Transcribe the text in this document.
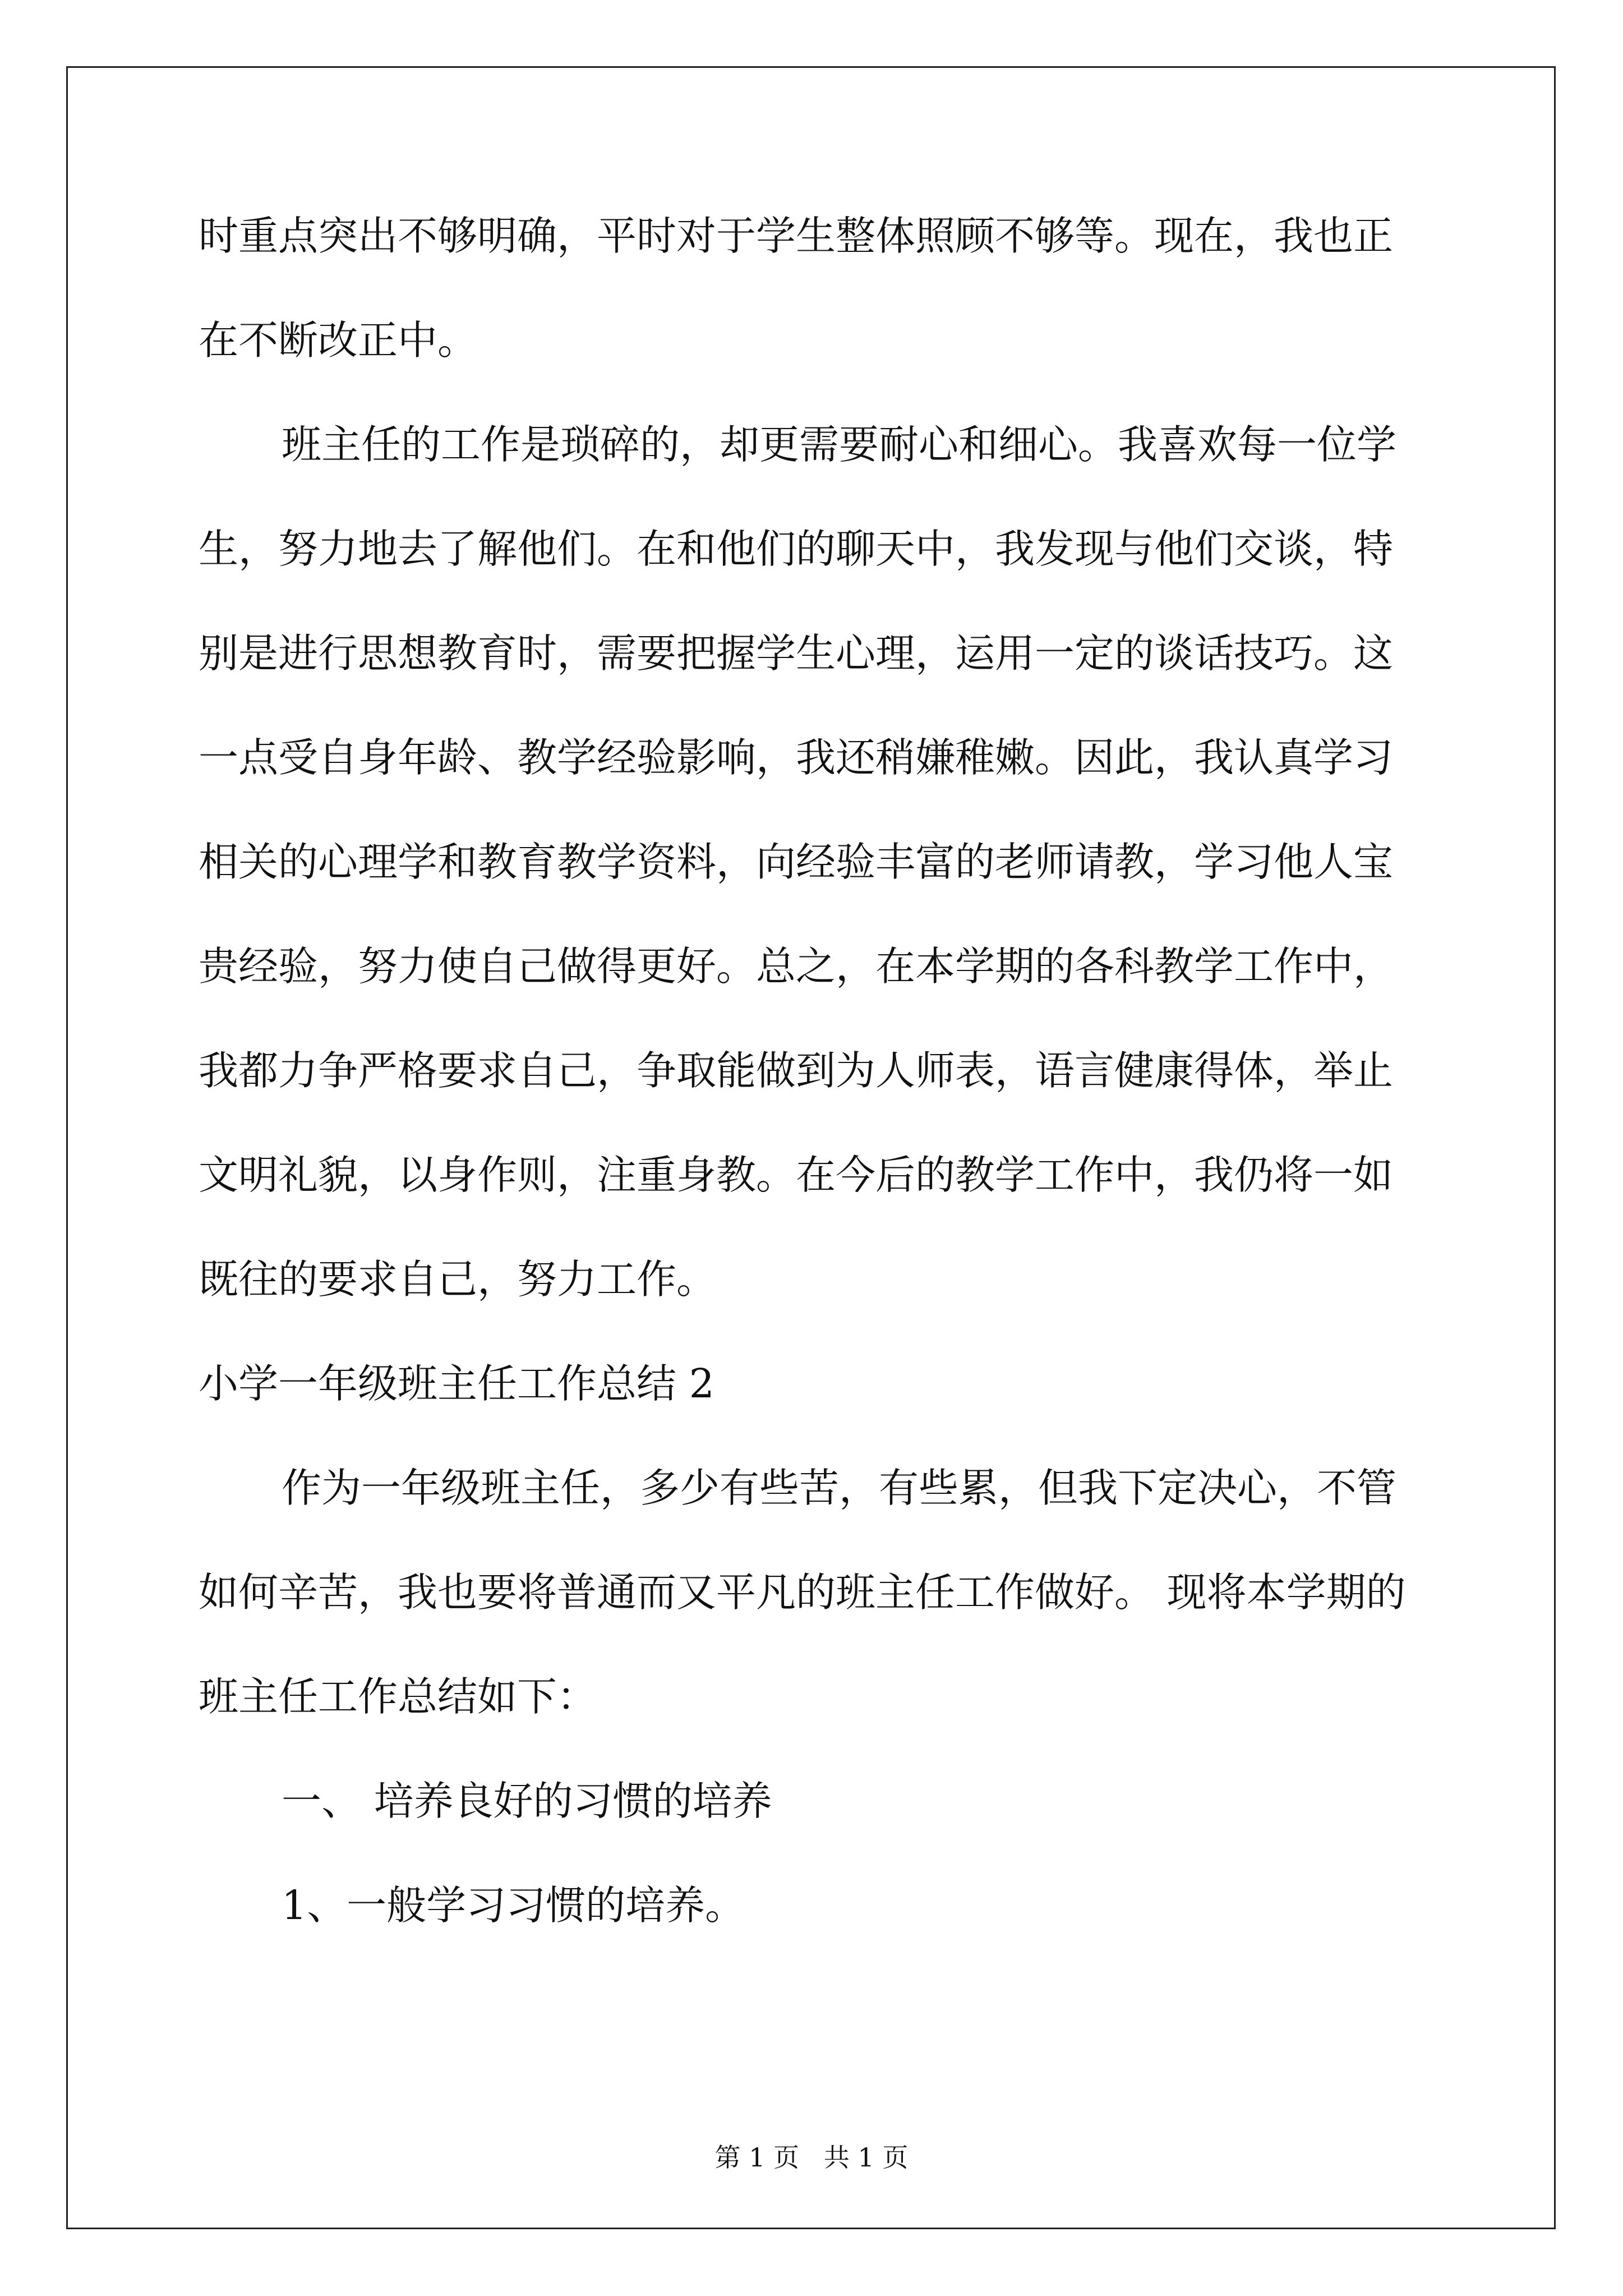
时重点突出不够明确，平时对于学生整体照顾不够等。现在，我也正
在不断改正中。
班主任的工作是琐碎的，却更需要耐心和细心。我喜欢每一位学
生，努力地去了解他们。在和他们的聊天中，我发现与他们交谈，特
别是进行思想教育时，需要把握学生心理，运用一定的谈话技巧。这
一点受自身年龄、教学经验影响，我还稍嫌稚嫩。因此，我认真学习
相关的心理学和教育教学资料，向经验丰富的老师请教，学习他人宝
贵经验，努力使自己做得更好。总之，在本学期的各科教学工作中，
我都力争严格要求自己，争取能做到为人师表，语言健康得体，举止
文明礼貌，以身作则，注重身教。在今后的教学工作中，我仍将一如
既往的要求自己，努力工作。
小学一年级班主任工作总结 2
作为一年级班主任，多少有些苦，有些累，但我下定决心，不管
如何辛苦，我也要将普通而又平凡的班主任工作做好。 现将本学期的
班主任工作总结如下：
一、 培养良好的习惯的培养
1、一般学习习惯的培养。
第 1 页   共 1 页
